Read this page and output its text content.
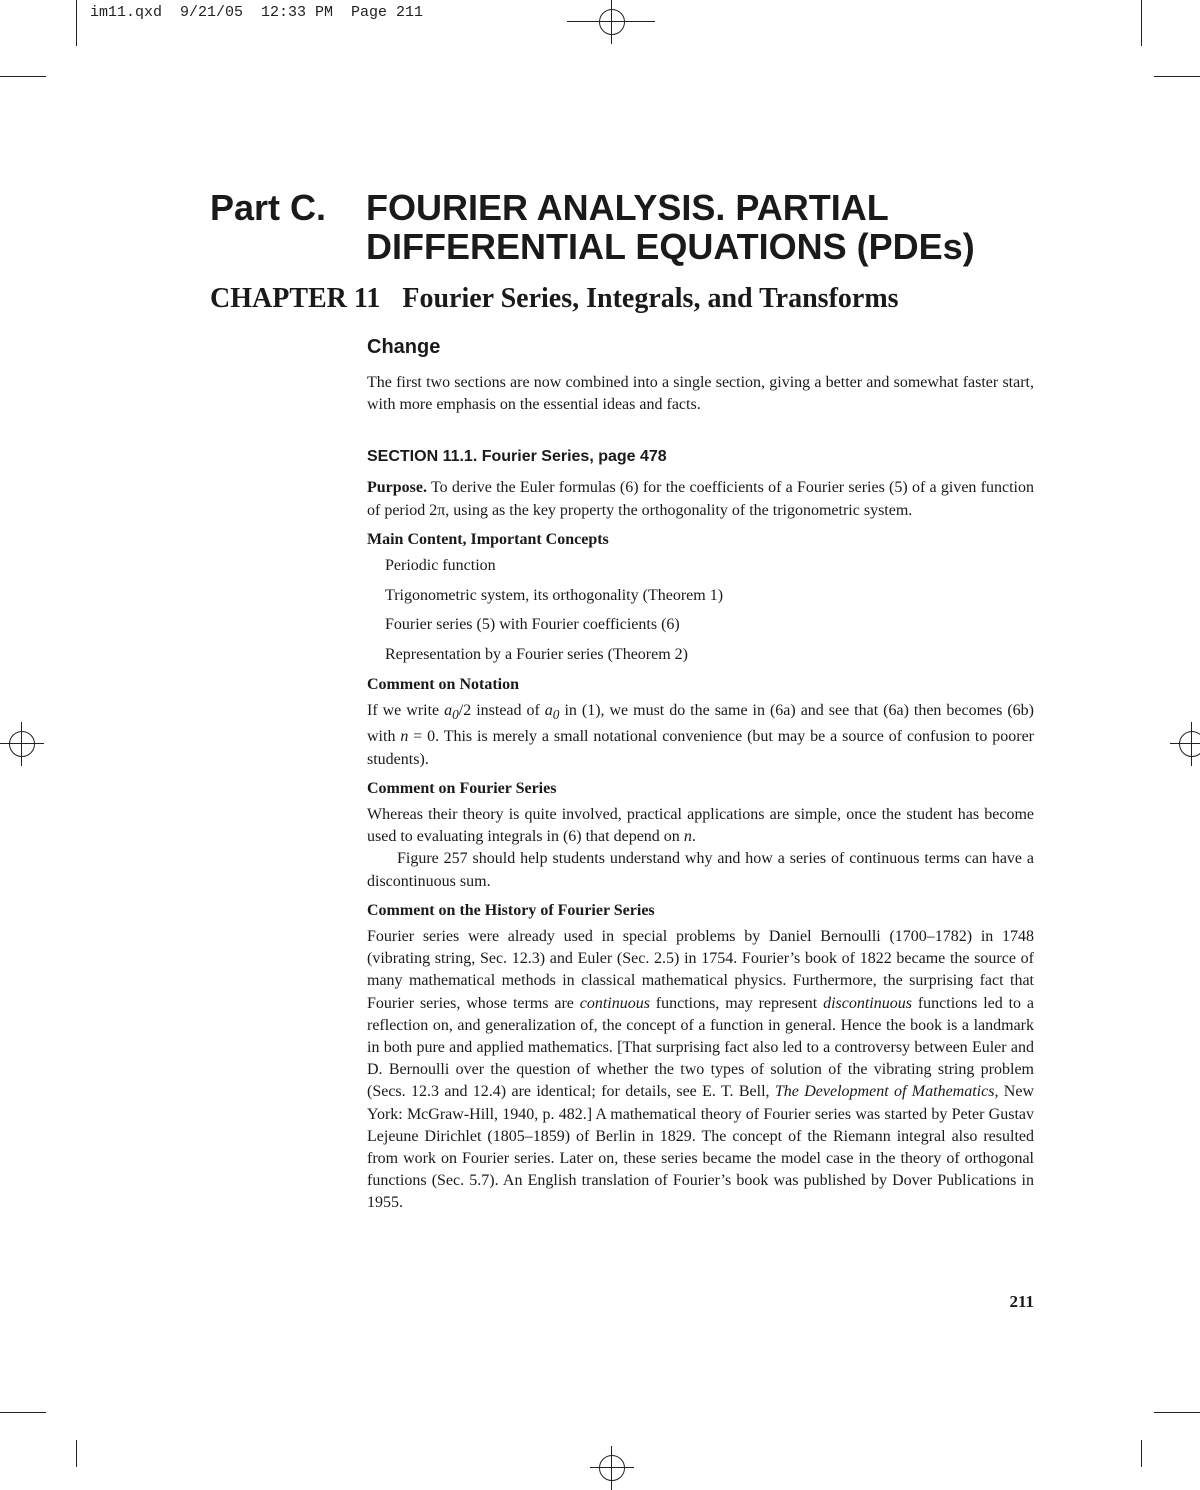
im11.qxd  9/21/05  12:33 PM  Page 211
Part C. FOURIER ANALYSIS. PARTIAL DIFFERENTIAL EQUATIONS (PDEs)
CHAPTER 11 Fourier Series, Integrals, and Transforms
Change

The first two sections are now combined into a single section, giving a better and somewhat faster start, with more emphasis on the essential ideas and facts.

SECTION 11.1. Fourier Series, page 478

Purpose. To derive the Euler formulas (6) for the coefficients of a Fourier series (5) of a given function of period 2π, using as the key property the orthogonality of the trigonometric system.

Main Content, Important Concepts
Periodic function
Trigonometric system, its orthogonality (Theorem 1)
Fourier series (5) with Fourier coefficients (6)
Representation by a Fourier series (Theorem 2)
Comment on Notation

If we write $a_0/2$ instead of $a_0$ in (1), we must do the same in (6a) and see that (6a) then becomes (6b) with n = 0. This is merely a small notational convenience (but may be a source of confusion to poorer students).

Comment on Fourier Series

Whereas their theory is quite involved, practical applications are simple, once the student has become used to evaluating integrals in (6) that depend on n.

Figure 257 should help students understand why and how a series of continuous terms can have a discontinuous sum.

Comment on the History of Fourier Series

Fourier series were already used in special problems by Daniel Bernoulli (1700–1782) in 1748 (vibrating string, Sec. 12.3) and Euler (Sec. 2.5) in 1754. Fourier’s book of 1822 became the source of many mathematical methods in classical mathematical physics. Furthermore, the surprising fact that Fourier series, whose terms are continuous functions, may represent discontinuous functions led to a reflection on, and generalization of, the concept of a function in general. Hence the book is a landmark in both pure and applied mathematics. [That surprising fact also led to a controversy between Euler and D. Bernoulli over the question of whether the two types of solution of the vibrating string problem (Secs. 12.3 and 12.4) are identical; for details, see E. T. Bell, The Development of Mathematics, New York: McGraw-Hill, 1940, p. 482.] A mathematical theory of Fourier series was started by Peter Gustav Lejeune Dirichlet (1805–1859) of Berlin in 1829. The concept of the Riemann integral also resulted from work on Fourier series. Later on, these series became the model case in the theory of orthogonal functions (Sec. 5.7). An English translation of Fourier’s book was published by Dover Publications in 1955.

211
